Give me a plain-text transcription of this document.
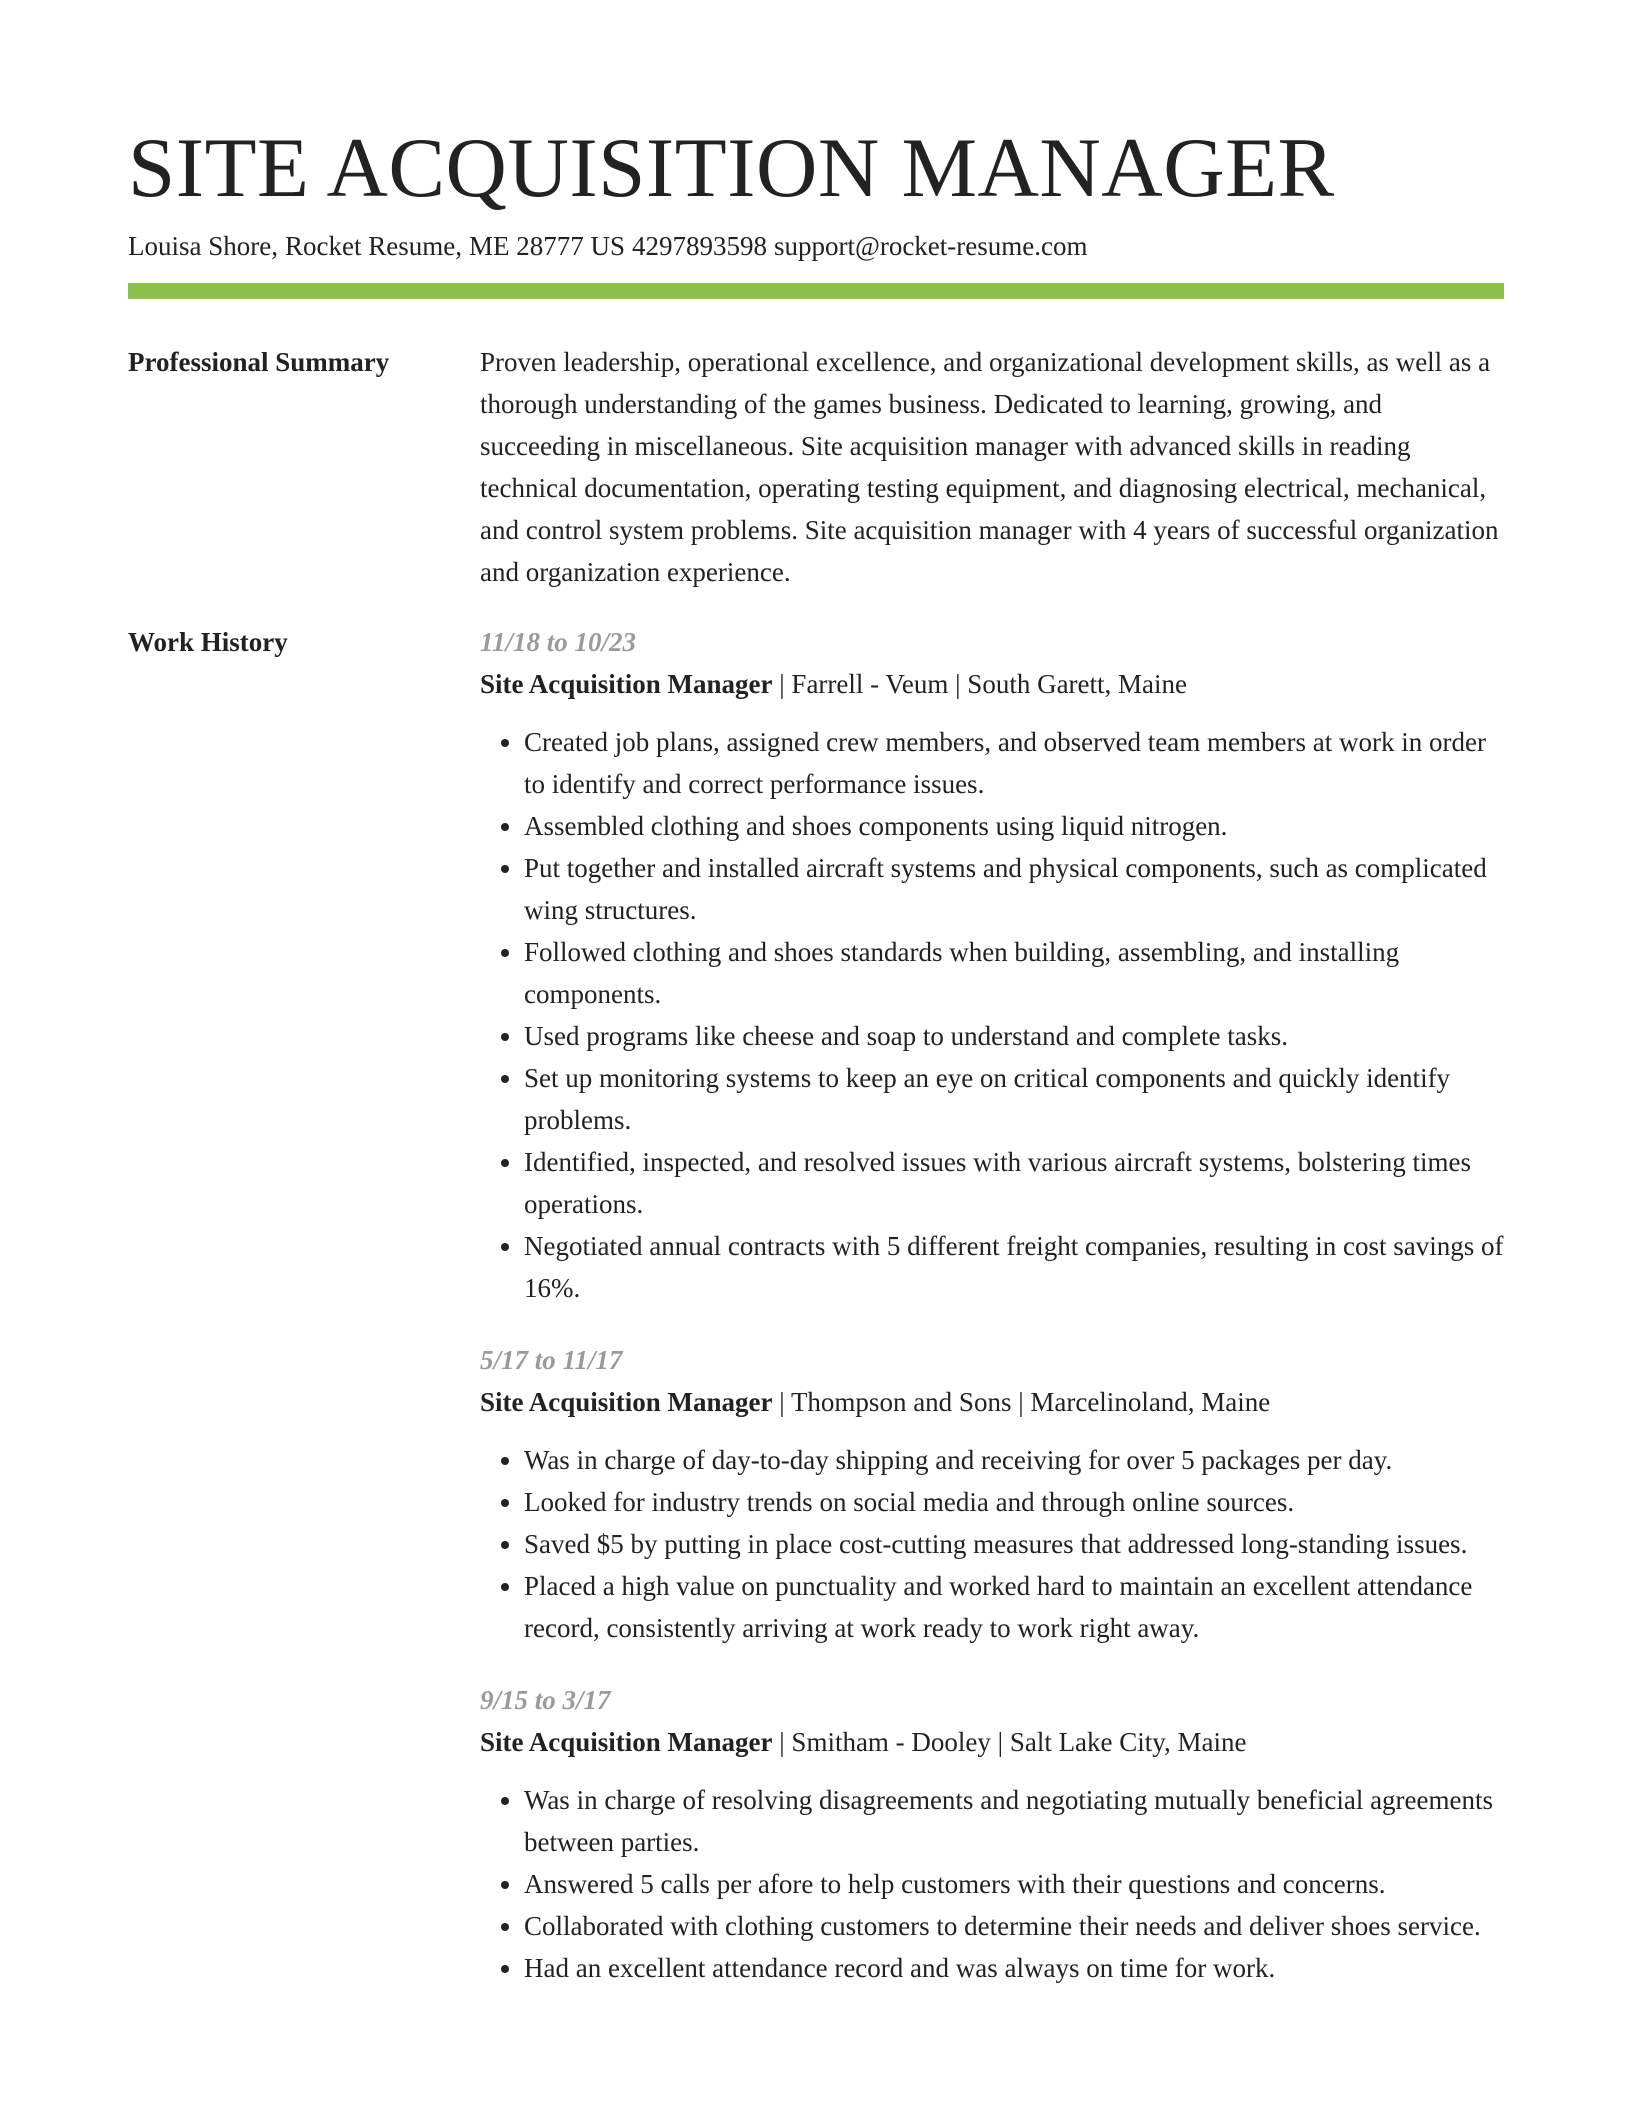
SITE ACQUISITION MANAGER
Louisa Shore, Rocket Resume, ME 28777 US 4297893598 support@rocket-resume.com
Professional Summary	Proven leadership, operational excellence, and organizational development skills, as well as a thorough understanding of the games business. Dedicated to learning, growing, and succeeding in miscellaneous. Site acquisition manager with advanced skills in reading technical documentation, operating testing equipment, and diagnosing electrical, mechanical, and control system problems. Site acquisition manager with 4 years of successful organization and organization experience.

Work History	11/18 to 10/23
Site Acquisition Manager | Farrell - Veum | South Garett, Maine
• Created job plans, assigned crew members, and observed team members at work in order to identify and correct performance issues.
• Assembled clothing and shoes components using liquid nitrogen.
• Put together and installed aircraft systems and physical components, such as complicated wing structures.
• Followed clothing and shoes standards when building, assembling, and installing components.
• Used programs like cheese and soap to understand and complete tasks.
• Set up monitoring systems to keep an eye on critical components and quickly identify problems.
• Identified, inspected, and resolved issues with various aircraft systems, bolstering times operations.
• Negotiated annual contracts with 5 different freight companies, resulting in cost savings of 16%.
5/17 to 11/17
Site Acquisition Manager | Thompson and Sons | Marcelinoland, Maine
• Was in charge of day-to-day shipping and receiving for over 5 packages per day.
• Looked for industry trends on social media and through online sources.
• Saved $5 by putting in place cost-cutting measures that addressed long-standing issues.
• Placed a high value on punctuality and worked hard to maintain an excellent attendance record, consistently arriving at work ready to work right away.
9/15 to 3/17
Site Acquisition Manager | Smitham - Dooley | Salt Lake City, Maine
• Was in charge of resolving disagreements and negotiating mutually beneficial agreements between parties.
• Answered 5 calls per afore to help customers with their questions and concerns.
• Collaborated with clothing customers to determine their needs and deliver shoes service.
• Had an excellent attendance record and was always on time for work.
